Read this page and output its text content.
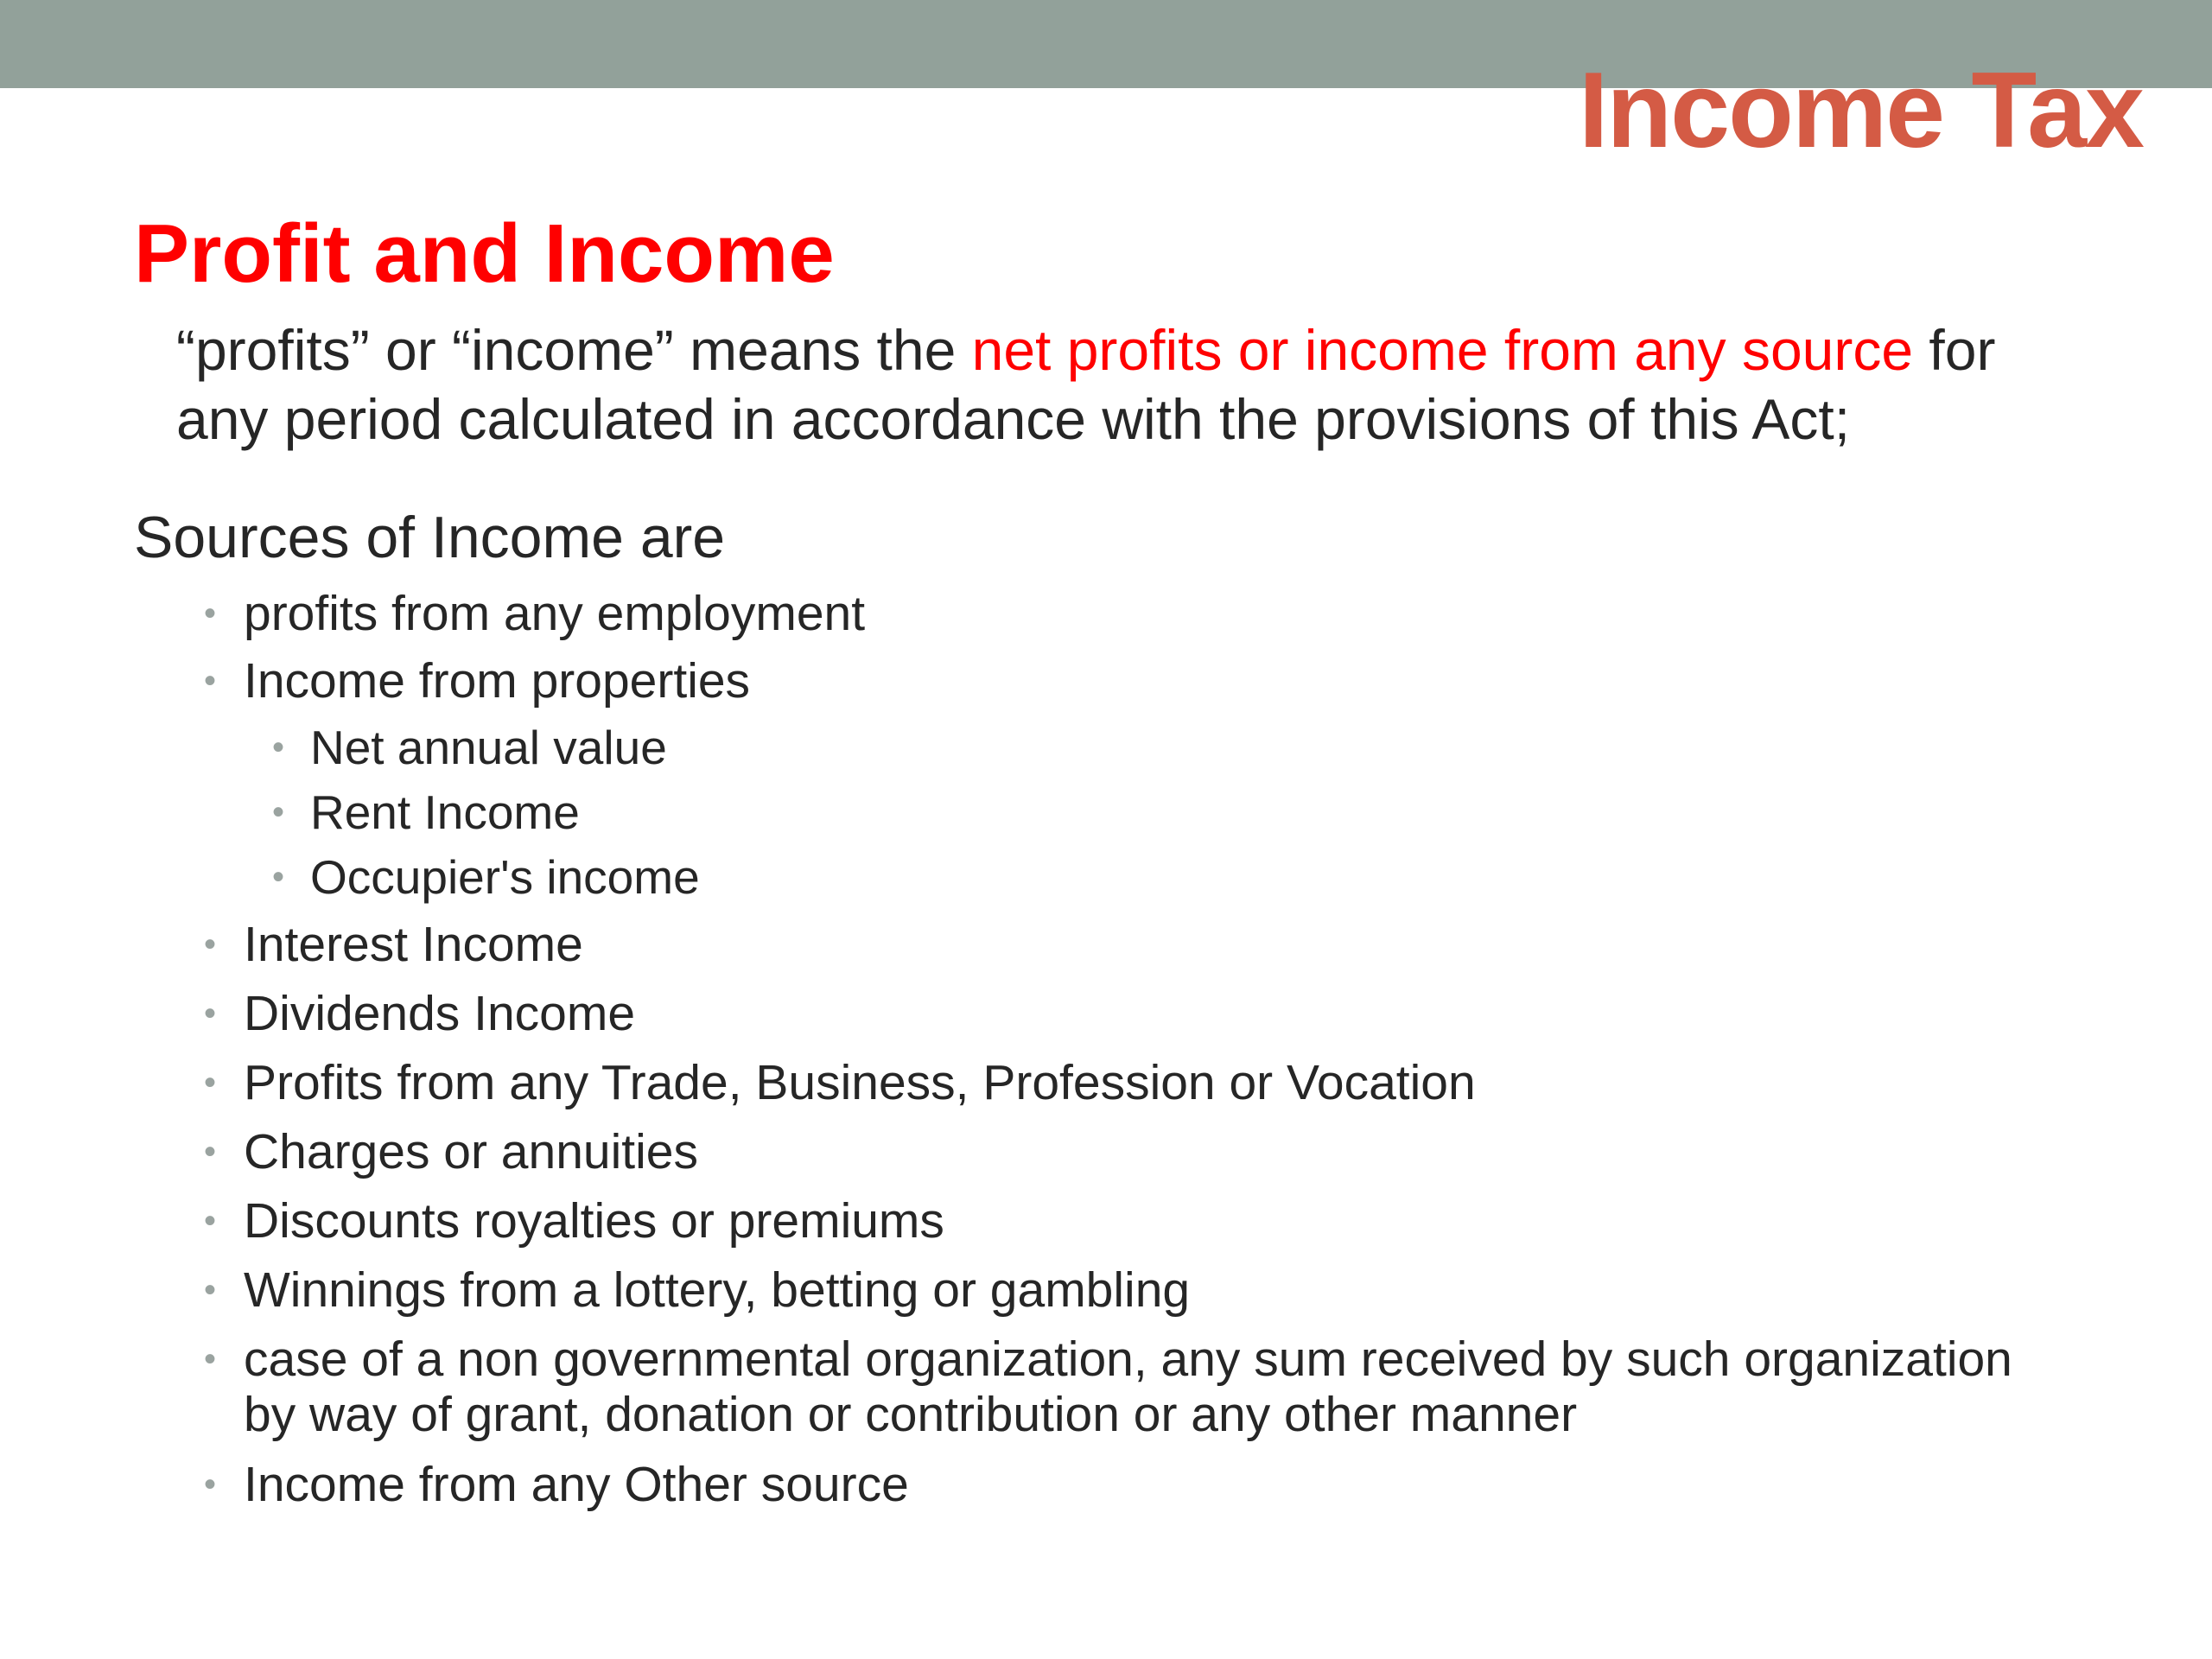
Income Tax
Profit and Income
“profits” or “income” means the net profits or income from any source for
any period calculated in accordance with the provisions of this Act;
Sources of Income are
• profits from any employment
• Income from properties
• Net annual value
• Rent Income
• Occupier's income
• Interest Income
• Dividends Income
• Profits from any Trade, Business, Profession or Vocation
• Charges or annuities
• Discounts royalties or premiums
• Winnings from a lottery, betting or gambling
• case of a non governmental organization, any sum received by such organization
by way of grant, donation or contribution or any other manner
• Income from any Other source
